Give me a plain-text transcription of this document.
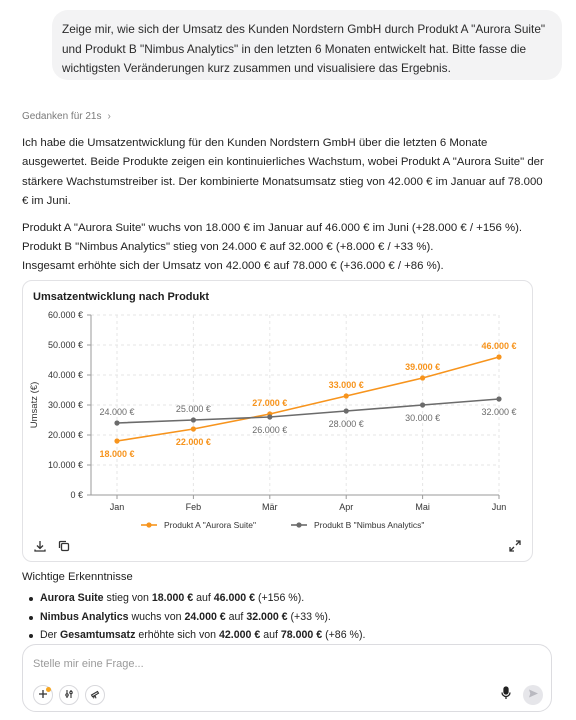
Zeige mir, wie sich der Umsatz des Kunden Nordstern GmbH durch Produkt A "Aurora Suite" und Produkt B "Nimbus Analytics" in den letzten 6 Monaten entwickelt hat. Bitte fasse die wichtigsten Veränderungen kurz zusammen und visualisiere das Ergebnis.
Gedanken für 21s ›

Ich habe die Umsatzentwicklung für den Kunden Nordstern GmbH über die letzten 6 Monate ausgewertet. Beide Produkte zeigen ein kontinuierliches Wachstum, wobei Produkt A "Aurora Suite" der stärkere Wachstumstreiber ist. Der kombinierte Monatsumsatz stieg von 42.000 € im Januar auf 78.000 € im Juni.

Produkt A "Aurora Suite" wuchs von 18.000 € im Januar auf 46.000 € im Juni (+28.000 € / +156 %).
Produkt B "Nimbus Analytics" stieg von 24.000 € auf 32.000 € (+8.000 € / +33 %).
Insgesamt erhöhte sich der Umsatz von 42.000 € auf 78.000 € (+36.000 € / +86 %).
0 €
10.000 €
20.000 €
30.000 €
40.000 €
50.000 €
60.000 €
Jan	Feb	Mär	Apr	Mai	Jun
Umsatz (€)
18.000 €
22.000 €
27.000 €
33.000 €
39.000 €
46.000 €
24.000 €	25.000 €
26.000 €
28.000 €
30.000 €
32.000 €
Produkt A "Aurora Suite"	Produkt B "Nimbus Analytics"
Umsatzentwicklung nach Produkt
Wichtige Erkenntnisse
Aurora Suite stieg von 18.000 € auf 46.000 € (+156 %).
Nimbus Analytics wuchs von 24.000 € auf 32.000 € (+33 %).
Der Gesamtumsatz erhöhte sich von 42.000 € auf 78.000 € (+86 %).
Stelle mir eine Frage...
